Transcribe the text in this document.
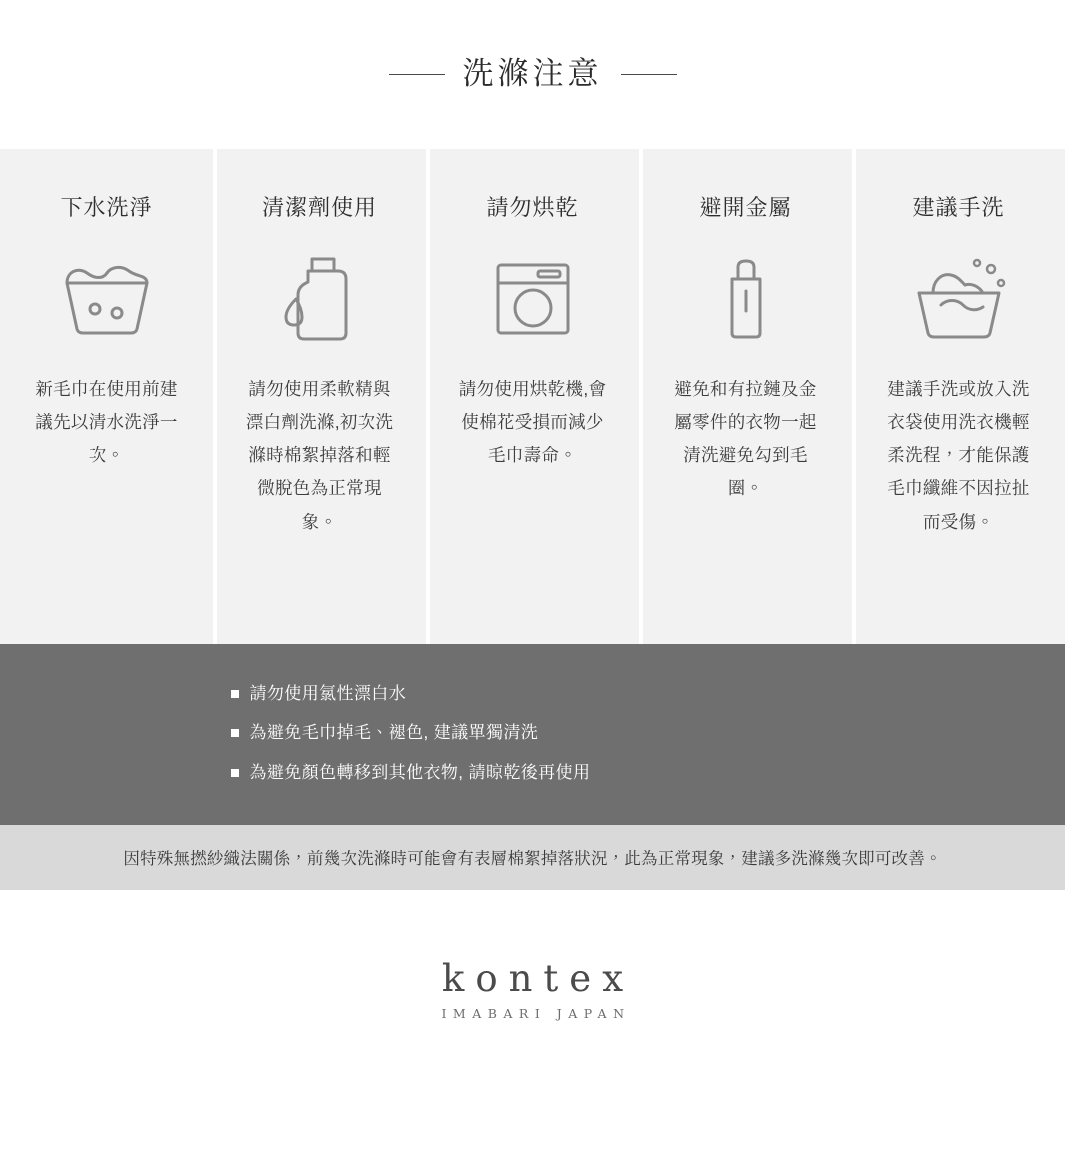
洗滌注意
下水洗淨
新毛巾在使用前建議先以清水洗淨一次。
清潔劑使用
請勿使用柔軟精與漂白劑洗滌,初次洗滌時棉絮掉落和輕微脫色為正常現象。
請勿烘乾
請勿使用烘乾機,會使棉花受損而減少毛巾壽命。
避開金屬
避免和有拉鏈及金屬零件的衣物一起清洗避免勾到毛圈。
建議手洗
建議手洗或放入洗衣袋使用洗衣機輕柔洗程，才能保護毛巾纖維不因拉扯而受傷。
請勿使用氯性漂白水
為避免毛巾掉毛、褪色, 建議單獨清洗
為避免顏色轉移到其他衣物, 請晾乾後再使用
因特殊無撚紗織法關係，前幾次洗滌時可能會有表層棉絮掉落狀況，此為正常現象，建議多洗滌幾次即可改善。
kontex
IMABARI JAPAN
